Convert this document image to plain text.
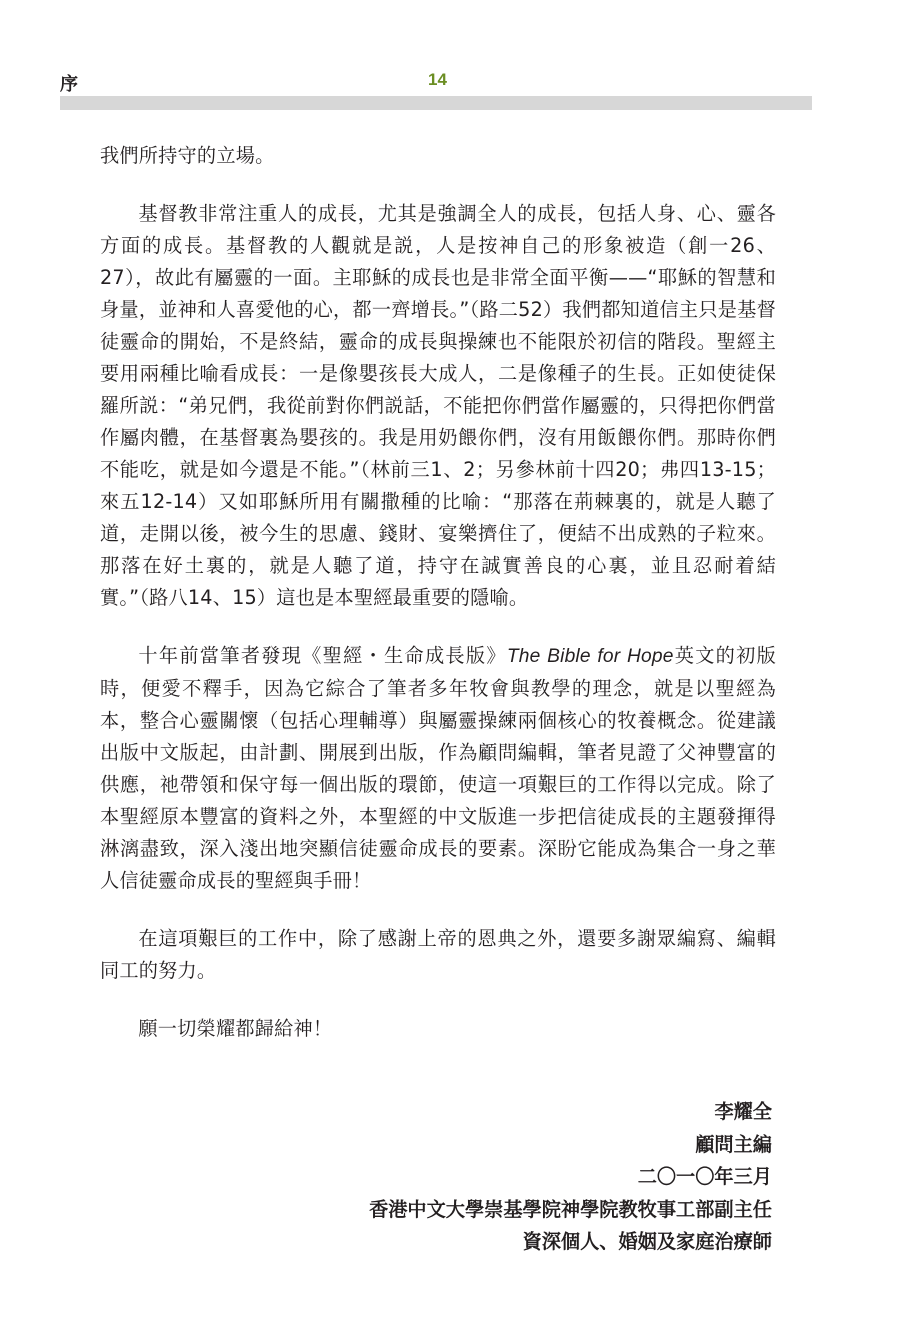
序	14

我們所持守的立場。

基督教非常注重人的成長，尤其是強調全人的成長，包括人身、心、靈各方面的成長。基督教的人觀就是説，人是按神自己的形象被造（創一26、27），故此有屬靈的一面。主耶穌的成長也是非常全面平衡——“耶穌的智慧和身量，並神和人喜愛他的心，都一齊增長。”（路二52）我們都知道信主只是基督徒靈命的開始，不是終結，靈命的成長與操練也不能限於初信的階段。聖經主要用兩種比喻看成長：一是像嬰孩長大成人，二是像種子的生長。正如使徒保羅所説：“弟兄們，我從前對你們説話，不能把你們當作屬靈的，只得把你們當作屬肉體，在基督裏為嬰孩的。我是用奶餵你們，沒有用飯餵你們。那時你們不能吃，就是如今還是不能。”（林前三1、2；另參林前十四20；弗四13-15；來五12-14）又如耶穌所用有關撒種的比喻：“那落在荊棘裏的，就是人聽了道，走開以後，被今生的思慮、錢財、宴樂擠住了，便結不出成熟的子粒來。那落在好土裏的，就是人聽了道，持守在誠實善良的心裏，並且忍耐着結實。”（路八14、15）這也是本聖經最重要的隱喻。

十年前當筆者發現《聖經・生命成長版》The Bible for Hope英文的初版時，便愛不釋手，因為它綜合了筆者多年牧會與教學的理念，就是以聖經為本，整合心靈關懷（包括心理輔導）與屬靈操練兩個核心的牧養概念。從建議出版中文版起，由計劃、開展到出版，作為顧問編輯，筆者見證了父神豐富的供應，祂帶領和保守每一個出版的環節，使這一項艱巨的工作得以完成。除了本聖經原本豐富的資料之外，本聖經的中文版進一步把信徒成長的主題發揮得淋漓盡致，深入淺出地突顯信徒靈命成長的要素。深盼它能成為集合一身之華人信徒靈命成長的聖經與手冊！

在這項艱巨的工作中，除了感謝上帝的恩典之外，還要多謝眾編寫、編輯同工的努力。

願一切榮耀都歸給神！

李耀全
顧問主編
二〇一〇年三月
香港中文大學崇基學院神學院教牧事工部副主任
資深個人、婚姻及家庭治療師
